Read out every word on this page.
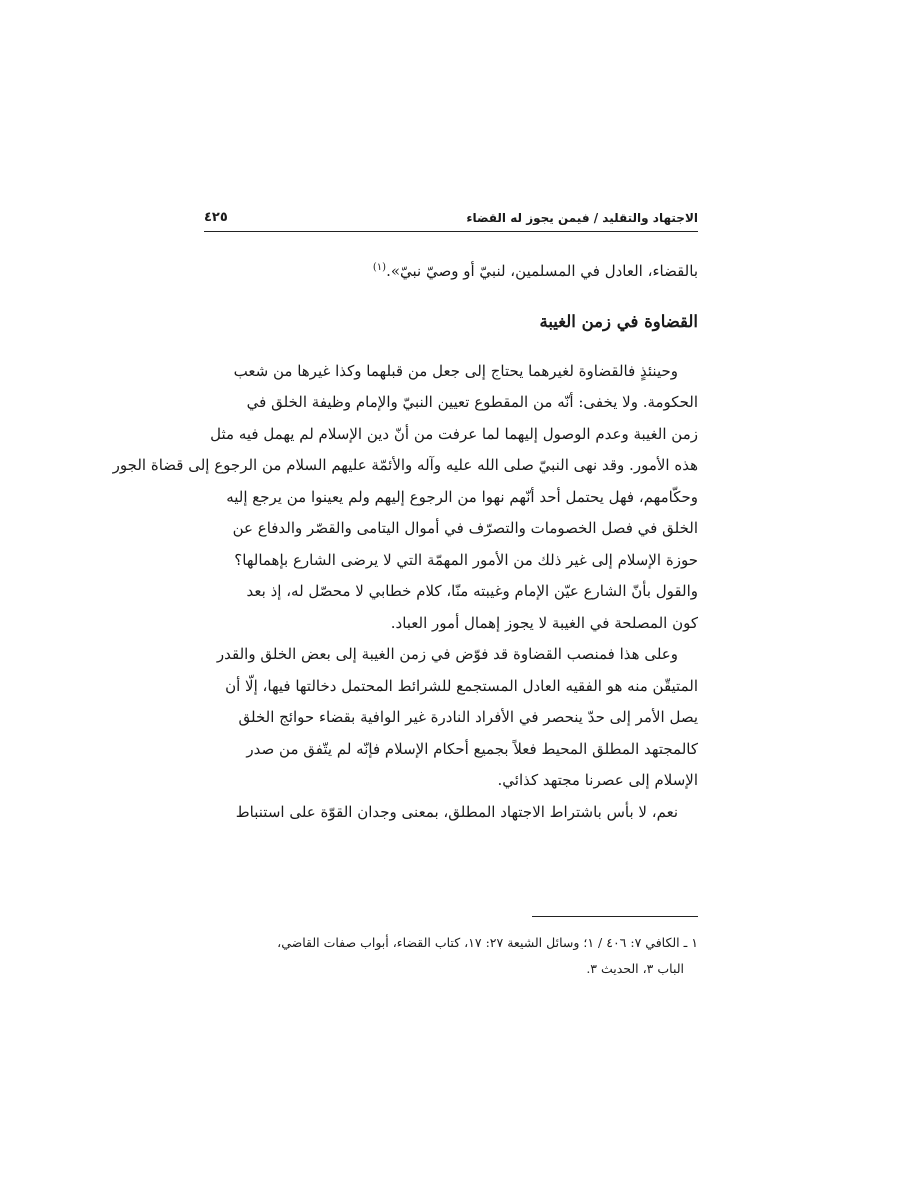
الاجتهاد والتقليد / فيمن يجوز له القضاء
٤٢٥

بالقضاء، العادل في المسلمين، لنبيّ أو وصيّ نبيّ».$^{(١)}$

القضاوة في زمن الغيبة

وحينئذٍ فالقضاوة لغيرهما يحتاج إلى جعل من قبلهما وكذا غيرها من شعب

الحكومة. ولا يخفى: أنّه من المقطوع تعيين النبيّ والإمام وظيفة الخلق في

زمن الغيبة وعدم الوصول إليهما لما عرفت من أنّ دين الإسلام لم يهمل فيه مثل

هذه الأمور. وقد نهى النبيّ صلى الله عليه وآله والأئمّة عليهم السلام من الرجوع إلى قضاة الجور

وحكّامهم، فهل يحتمل أحد أنّهم نهوا من الرجوع إليهم ولم يعينوا من يرجع إليه

الخلق في فصل الخصومات والتصرّف في أموال اليتامى والقصّر والدفاع عن

حوزة الإسلام إلى غير ذلك من الأمور المهمّة التي لا يرضى الشارع بإهمالها؟

والقول بأنّ الشارع عيّن الإمام وغيبته منّا، كلام خطابي لا محصّل له، إذ بعد

كون المصلحة في الغيبة لا يجوز إهمال أمور العباد.

وعلى هذا فمنصب القضاوة قد فوّض في زمن الغيبة إلى بعض الخلق والقدر

المتيقّن منه هو الفقيه العادل المستجمع للشرائط المحتمل دخالتها فيها، إلّا أن

يصل الأمر إلى حدّ ينحصر في الأفراد النادرة غير الوافية بقضاء حوائج الخلق

كالمجتهد المطلق المحيط فعلاً بجميع أحكام الإسلام فإنّه لم يتّفق من صدر

الإسلام إلى عصرنا مجتهد كذائي.

نعم، لا بأس باشتراط الاجتهاد المطلق، بمعنى وجدان القوّة على استنباط

١ ـ الكافي ٧: ٤٠٦ / ١؛ وسائل الشيعة ٢٧: ١٧، كتاب القضاء، أبواب صفات القاضي،
الباب ٣، الحديث ٣.
